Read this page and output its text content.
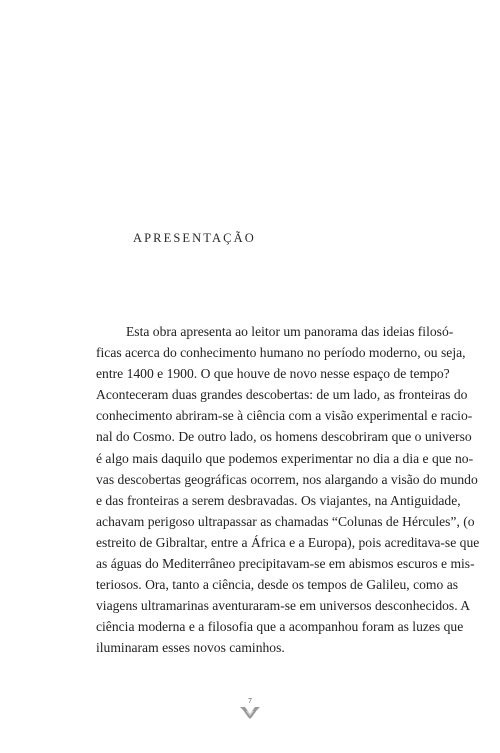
APRESENTAÇÃO

Esta obra apresenta ao leitor um panorama das ideias filosó-
ficas acerca do conhecimento humano no período moderno, ou seja,
entre 1400 e 1900. O que houve de novo nesse espaço de tempo?
Aconteceram duas grandes descobertas: de um lado, as fronteiras do
conhecimento abriram-se à ciência com a visão experimental e racio-
nal do Cosmo. De outro lado, os homens descobriram que o universo
é algo mais daquilo que podemos experimentar no dia a dia e que no-
vas descobertas geográficas ocorrem, nos alargando a visão do mundo
e das fronteiras a serem desbravadas. Os viajantes, na Antiguidade,
achavam perigoso ultrapassar as chamadas “Colunas de Hércules”, (o
estreito de Gibraltar, entre a África e a Europa), pois acreditava-se que
as águas do Mediterrâneo precipitavam-se em abismos escuros e mis-
teriosos. Ora, tanto a ciência, desde os tempos de Galileu, como as
viagens ultramarinas aventuraram-se em universos desconhecidos. A
ciência moderna e a filosofia que a acompanhou foram as luzes que
iluminaram esses novos caminhos.

7
